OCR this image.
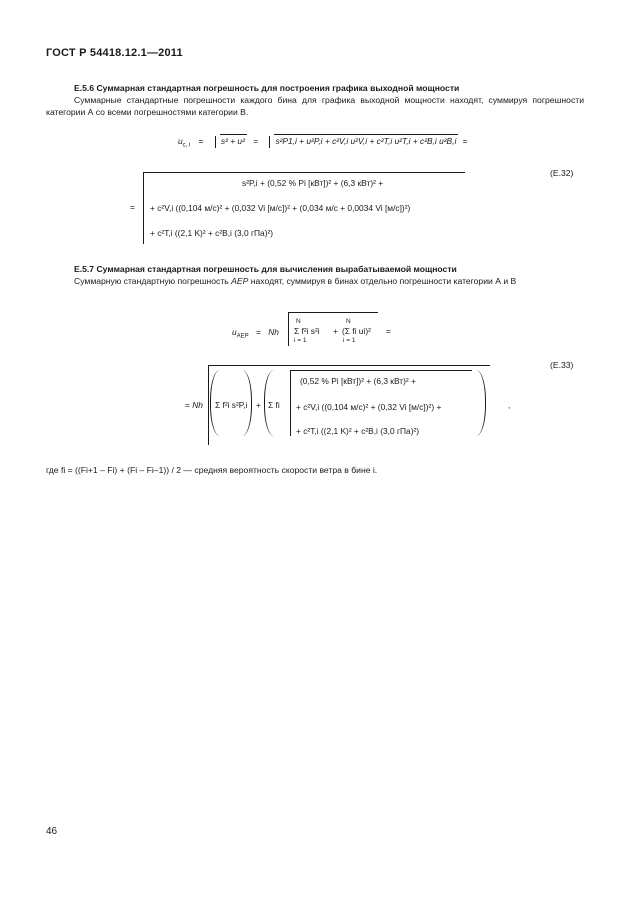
ГОСТ Р 54418.12.1—2011
Е.5.6 Суммарная стандартная погрешность для построения графика выходной мощности
Суммарные стандартные погрешности каждого бина для графика выходной мощности находят, суммируя погрешности категории А со всеми погрешностями категории В.
$u_{c, i} = s^2 + u^2 = s^2P1,i + u^2P,i + c^2V,i$ u²V,i + c²T,i u²T,i + c²B,i u²B,i =
(Е.32)
=
s²P,i + (0,52 % Pi [кВт])² + (6,3 кВт)² +
+ c²V,i ((0,104 м/с)² + (0,032 Vi [м/с])² + (0,034 м/с + 0,0034 Vi [м/с])²)
+ c²T,i ((2,1 K)² + c²B,i (3,0 гПа)²)
Е.5.7 Суммарная стандартная погрешность для вычисления вырабатываемой мощности
Суммарную стандартную погрешность AEP находят, суммируя в бинах отдельно погрешности категории А и В
$u_{AEP} = Nh$
N
i = 1
Σ f²i s²i + (Σ fi ui)²
N
i = 1
=
(Е.33)
= Nh Σ f²i s²P,i + Σ fi
(0,52 % Pi [кВт])² + (6,3 кВт)² +
+ c²V,i ((0,104 м/с)² + (0,32 Vi [м/с])²) +
+ c²T,i ((2,1 K)² + c²B,i (3,0 гПа)²)
,
где fi = ((Fi+1 – Fi) + (Fi – Fi–1)) / 2 — средняя вероятность скорости ветра в бине i.
46
